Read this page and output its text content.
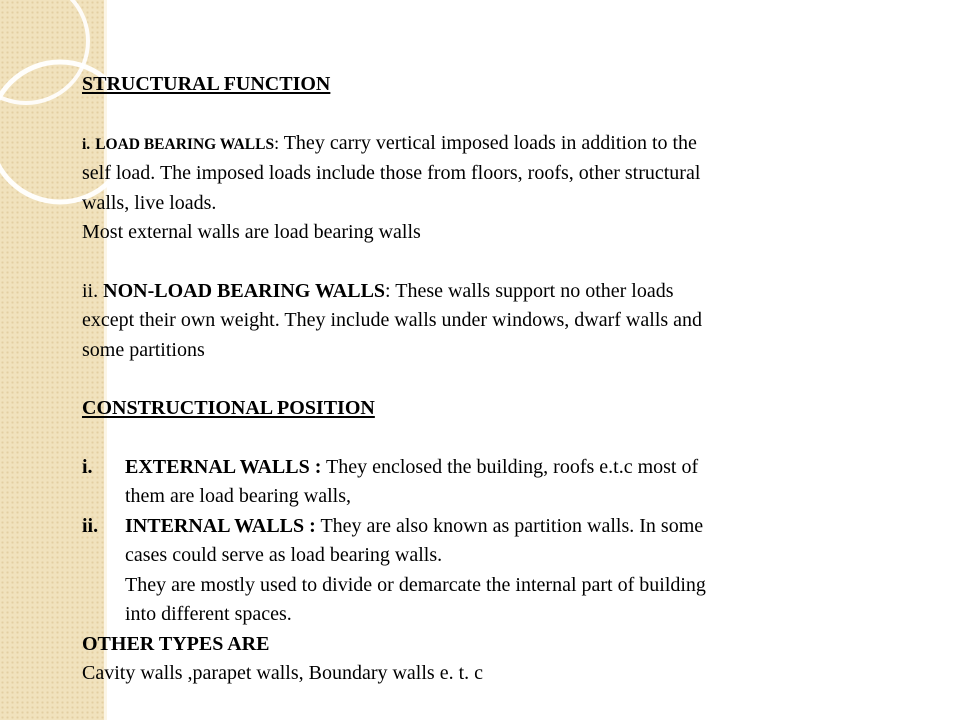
STRUCTURAL FUNCTION
i. LOAD BEARING WALLS: They carry vertical imposed loads in addition to the
self load. The imposed loads include those from floors, roofs, other structural
walls, live loads.
Most external walls are load bearing walls
ii. NON-LOAD BEARING WALLS: These walls support no other loads
except their own weight. They include walls under windows, dwarf walls and
some partitions
CONSTRUCTIONAL POSITION
i.	EXTERNAL WALLS : They enclosed the building, roofs e.t.c most of
them are load bearing walls,
ii.	INTERNAL WALLS : They are also known as partition walls. In some
cases could serve as load bearing walls.
They are mostly used to divide or demarcate the internal part of building
into different spaces.
OTHER TYPES ARE
Cavity walls ,parapet walls, Boundary walls e. t. c
